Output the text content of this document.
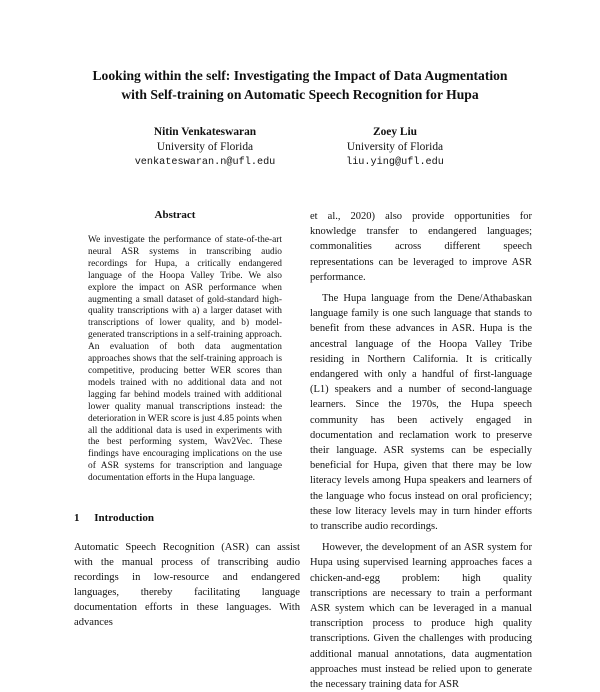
Looking within the self: Investigating the Impact of Data Augmentation
with Self-training on Automatic Speech Recognition for Hupa
Nitin Venkateswaran
University of Florida
venkateswaran.n@ufl.edu
Zoey Liu
University of Florida
liu.ying@ufl.edu
Abstract

We investigate the performance of state-of-the-art neural ASR systems in transcribing audio recordings for Hupa, a critically endangered language of the Hoopa Valley Tribe. We also explore the impact on ASR performance when augmenting a small dataset of gold-standard high-quality transcriptions with a) a larger dataset with transcriptions of lower quality, and b) model-generated transcriptions in a self-training approach. An evaluation of both data augmentation approaches shows that the self-training approach is competitive, producing better WER scores than models trained with no additional data and not lagging far behind models trained with additional lower quality manual transcriptions instead: the deterioration in WER score is just 4.85 points when all the additional data is used in experiments with the best performing system, Wav2Vec. These findings have encouraging implications on the use of ASR systems for transcription and language documentation efforts in the Hupa language.

1 Introduction

Automatic Speech Recognition (ASR) can assist with the manual process of transcribing audio recordings in low-resource and endangered languages, thereby facilitating language documentation efforts in these languages. With advances

et al., 2020) also provide opportunities for knowledge transfer to endangered languages; commonalities across different speech representations can be leveraged to improve ASR performance.

The Hupa language from the Dene/Athabaskan language family is one such language that stands to benefit from these advances in ASR. Hupa is the ancestral language of the Hoopa Valley Tribe residing in Northern California. It is critically endangered with only a handful of first-language (L1) speakers and a number of second-language learners. Since the 1970s, the Hupa speech community has been actively engaged in documentation and reclamation work to preserve their language. ASR systems can be especially beneficial for Hupa, given that there may be low literacy levels among Hupa speakers and learners of the language who focus instead on oral proficiency; these low literacy levels may in turn hinder efforts to transcribe audio recordings.

However, the development of an ASR system for Hupa using supervised learning approaches faces a chicken-and-egg problem: high quality transcriptions are necessary to train a performant ASR system which can be leveraged in a manual transcription process to produce high quality transcriptions. Given the challenges with producing additional manual annotations, data augmentation approaches must instead be relied upon to generate the necessary training data for ASR
